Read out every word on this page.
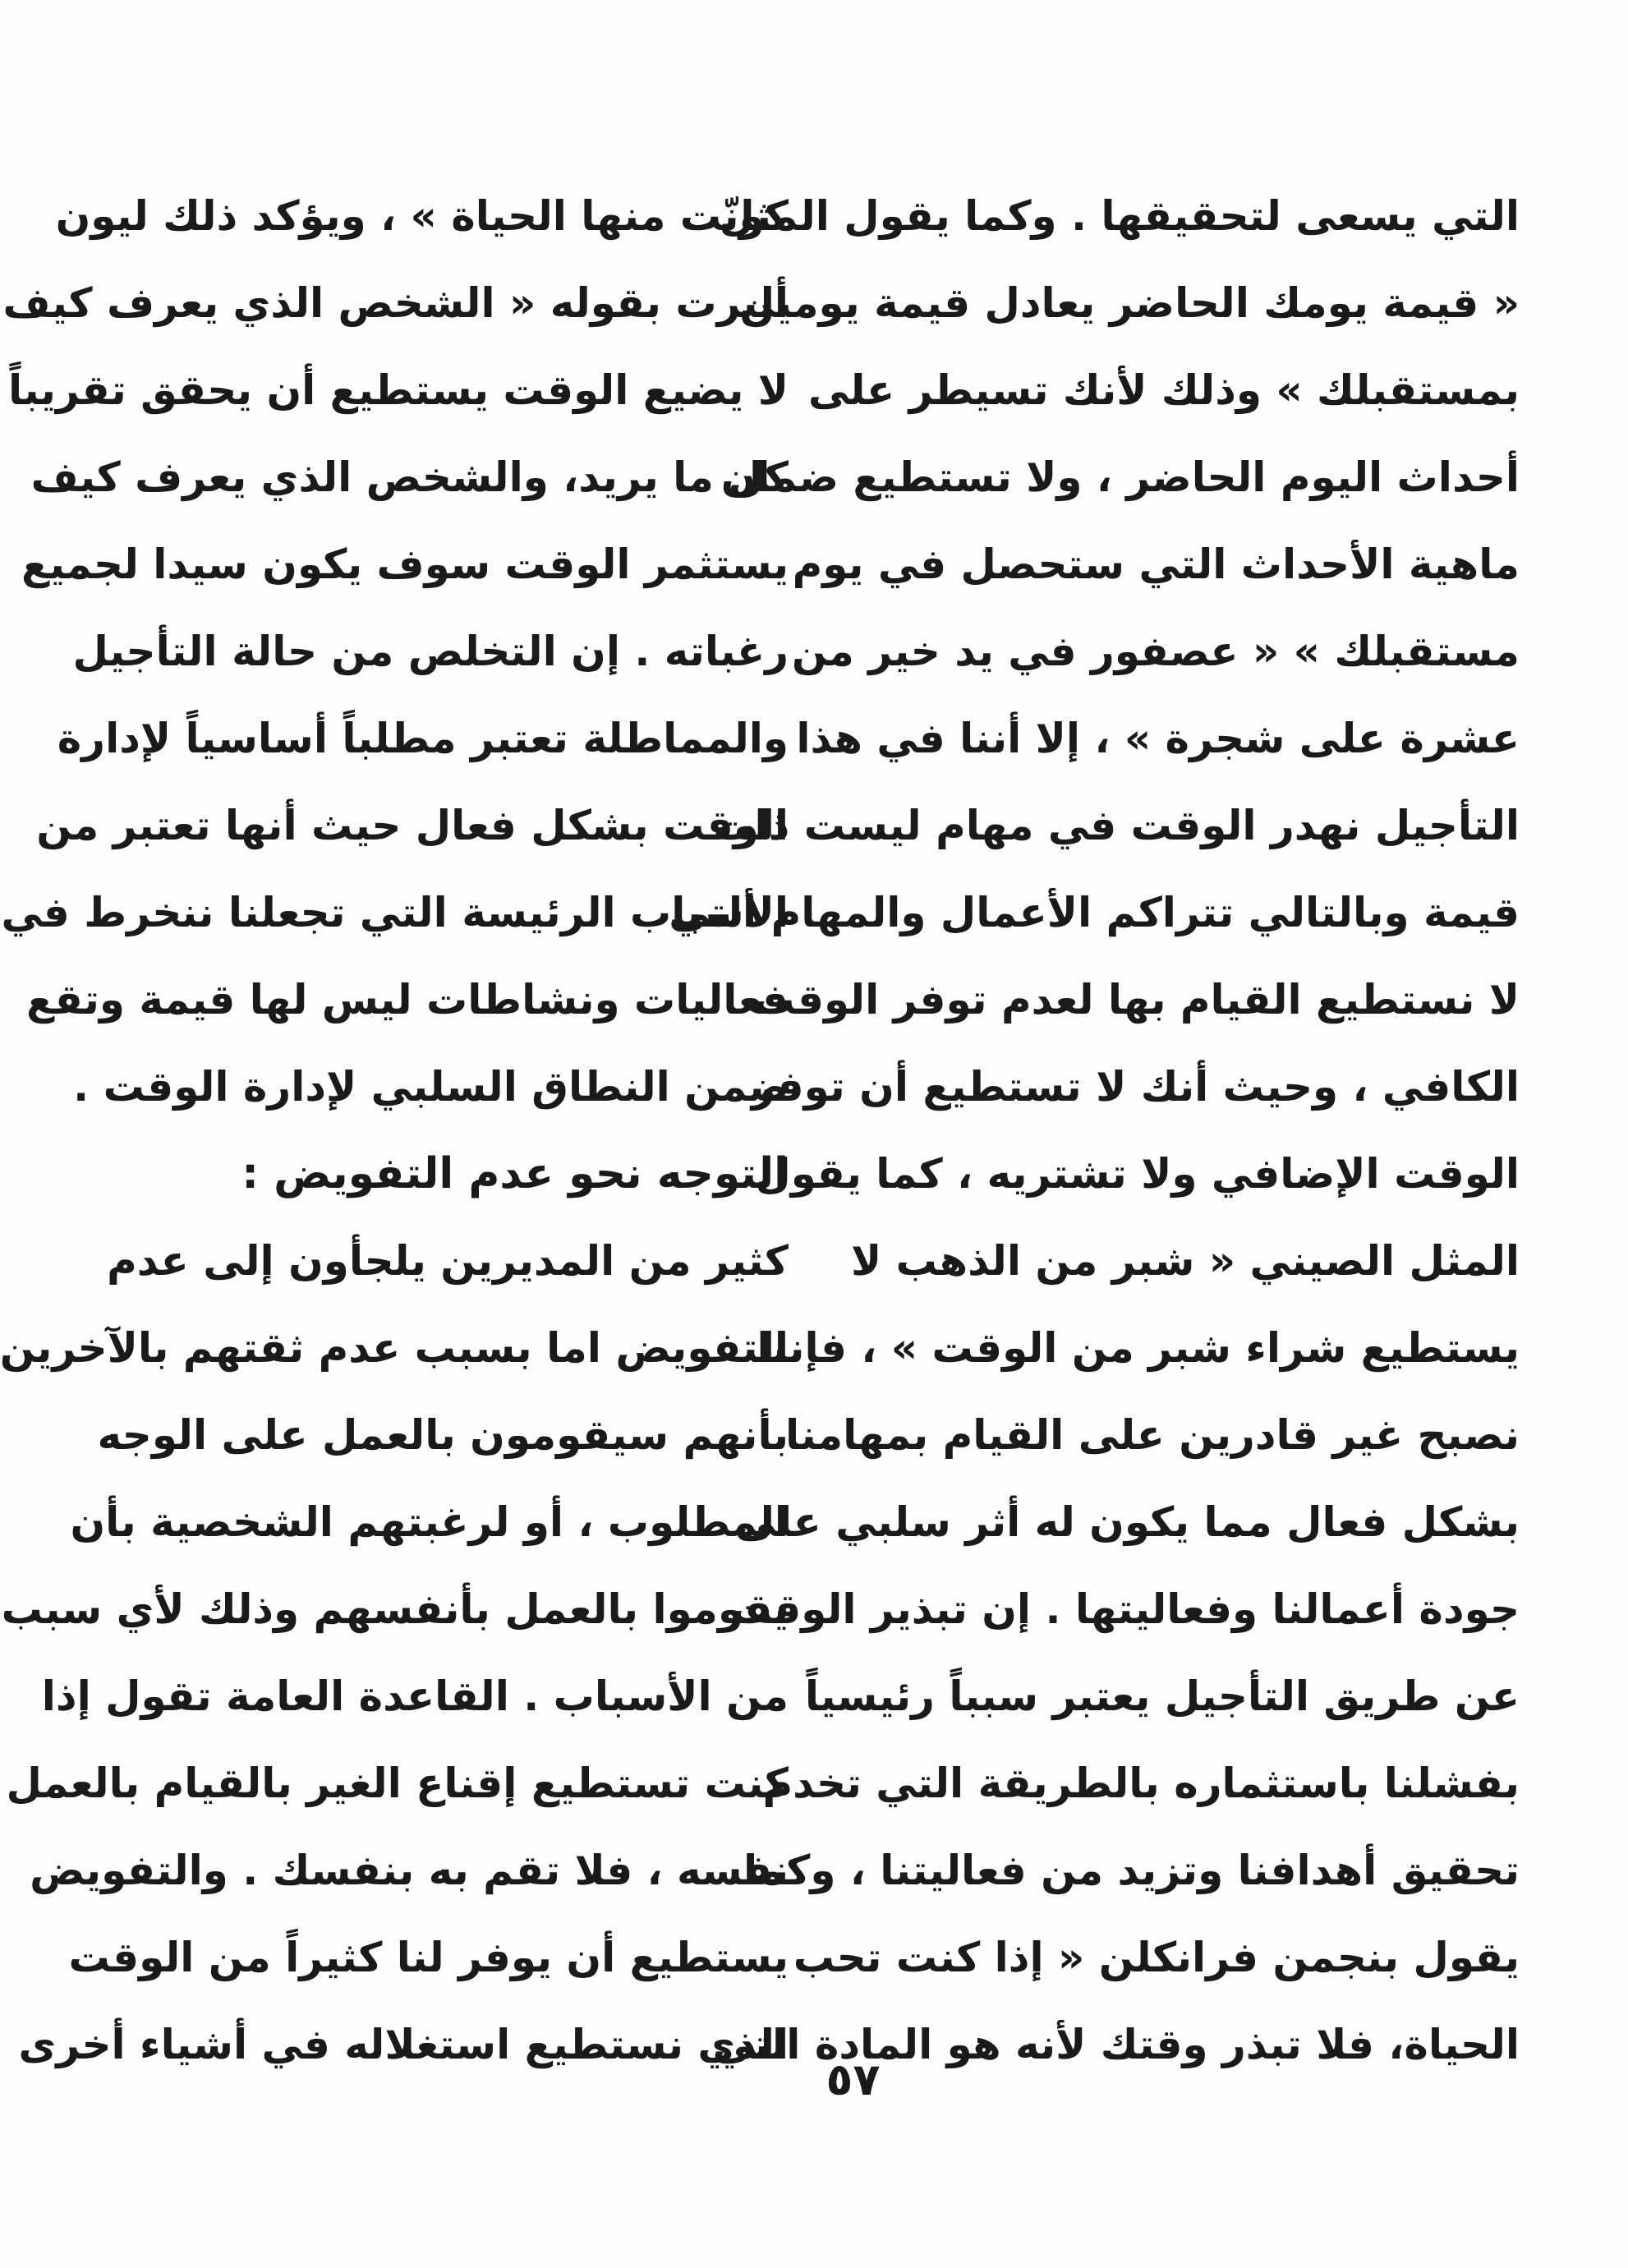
التي يسعى لتحقيقها . وكما يقول المثل
« قيمة يومك الحاضر يعادل قيمة يومين
بمستقبلك » وذلك لأنك تسيطر على
أحداث اليوم الحاضر ، ولا تستطيع ضمان
ماهية الأحداث التي ستحصل في يوم
مستقبلك » « عصفور في يد خير من
عشرة على شجرة » ، إلا أننا في هذا
التأجيل نهدر الوقت في مهام ليست ذات
قيمة وبالتالي تتراكم الأعمال والمهام التي
لا نستطيع القيام بها لعدم توفر الوقت
الكافي ، وحيث أنك لا تستطيع أن توفر
الوقت الإضافي ولا تشتريه ، كما يقول
المثل الصيني « شبر من الذهب لا
يستطيع شراء شبر من الوقت » ، فإننا
نصبح غير قادرين على القيام بمهامنا
بشكل فعال مما يكون له أثر سلبي على
جودة أعمالنا وفعاليتها . إن تبذير الوقت
عن طريق التأجيل يعتبر سبباً رئيسياً
بفشلنا باستثماره بالطريقة التي تخدم
تحقيق أهدافنا وتزيد من فعاليتنا ، وكما
يقول بنجمن فرانكلن « إذا كنت تحب
الحياة، فلا تبذر وقتك لأنه هو المادة التي
كونّت منها الحياة » ، ويؤكد ذلك ليون
ألبرت بقوله « الشخص الذي يعرف كيف
لا يضيع الوقت يستطيع أن يحقق تقريباً
كل ما يريد، والشخص الذي يعرف كيف
يستثمر الوقت سوف يكون سيدا لجميع
رغباته . إن التخلص من حالة التأجيل
والمماطلة تعتبر مطلباً أساسياً لإدارة
الوقت بشكل فعال حيث أنها تعتبر من
الأسباب الرئيسة التي تجعلنا ننخرط في
فعاليات ونشاطات ليس لها قيمة وتقع
ضمن النطاق السلبي لإدارة الوقت .
التوجه نحو عدم التفويض :
كثير من المديرين يلجأون إلى عدم
التفويض اما بسبب عدم ثقتهم بالآخرين
بأنهم سيقومون بالعمل على الوجه
المطلوب ، أو لرغبتهم الشخصية بأن
يقوموا بالعمل بأنفسهم وذلك لأي سبب
من الأسباب . القاعدة العامة تقول إذا
كنت تستطيع إقناع الغير بالقيام بالعمل
نفسه ، فلا تقم به بنفسك . والتفويض
يستطيع أن يوفر لنا كثيراً من الوقت
الذي نستطيع استغلاله في أشياء أخرى
٥٧
